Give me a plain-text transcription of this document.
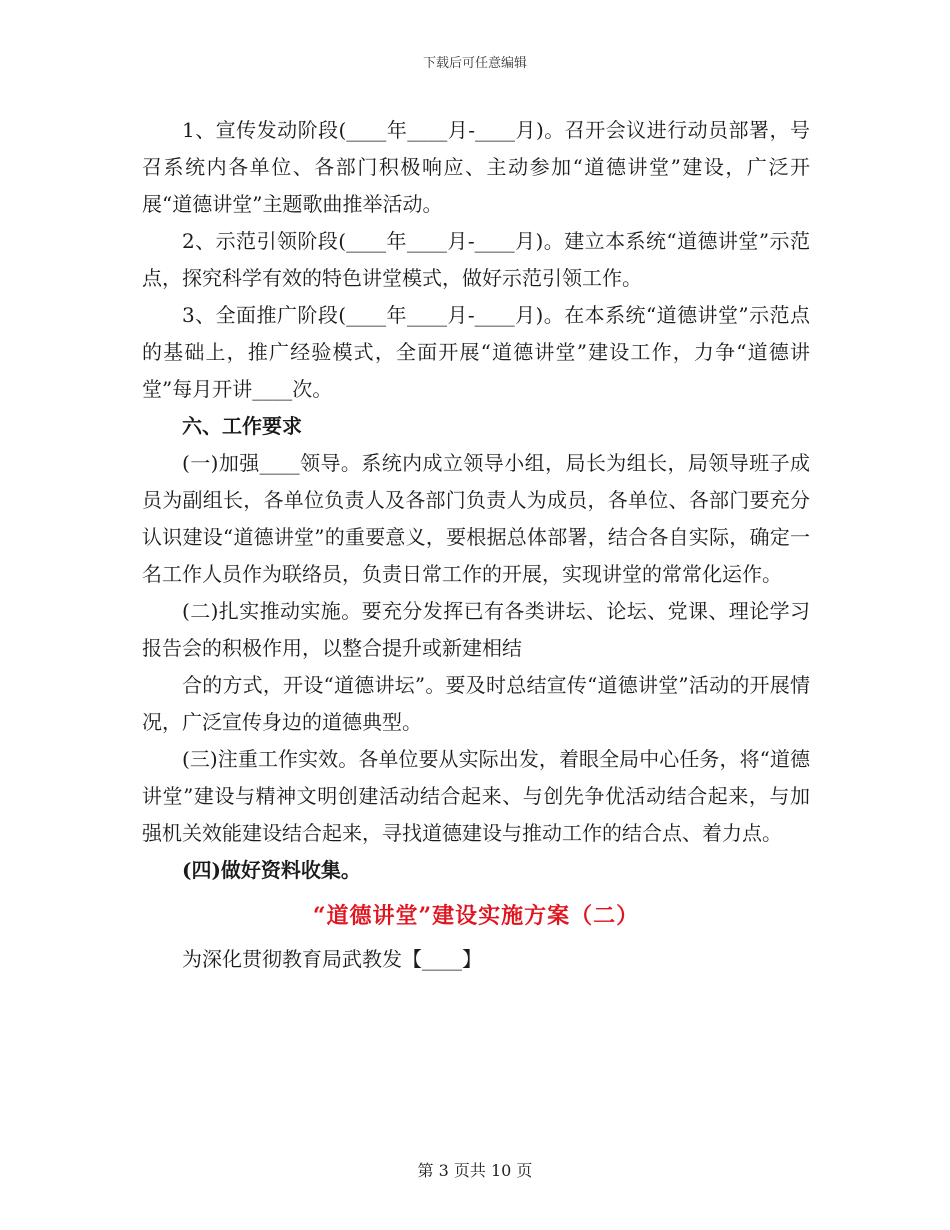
下载后可任意编辑

1、宣传发动阶段(____年____月-____月)。召开会议进行动员部署，号召系统内各单位、各部门积极响应、主动参加“道德讲堂”建设，广泛开展“道德讲堂”主题歌曲推举活动。

2、示范引领阶段(____年____月-____月)。建立本系统“道德讲堂”示范点，探究科学有效的特色讲堂模式，做好示范引领工作。

3、全面推广阶段(____年____月-____月)。在本系统“道德讲堂”示范点的基础上，推广经验模式，全面开展“道德讲堂”建设工作，力争“道德讲堂”每月开讲____次。

六、工作要求

(一)加强____领导。系统内成立领导小组，局长为组长，局领导班子成员为副组长，各单位负责人及各部门负责人为成员，各单位、各部门要充分认识建设“道德讲堂”的重要意义，要根据总体部署，结合各自实际，确定一名工作人员作为联络员，负责日常工作的开展，实现讲堂的常常化运作。

(二)扎实推动实施。要充分发挥已有各类讲坛、论坛、党课、理论学习报告会的积极作用，以整合提升或新建相结

合的方式，开设“道德讲坛”。要及时总结宣传“道德讲堂”活动的开展情况，广泛宣传身边的道德典型。

(三)注重工作实效。各单位要从实际出发，着眼全局中心任务，将“道德讲堂”建设与精神文明创建活动结合起来、与创先争优活动结合起来，与加强机关效能建设结合起来，寻找道德建设与推动工作的结合点、着力点。

(四)做好资料收集。

“道德讲堂”建设实施方案（二）

为深化贯彻教育局武教发【____】

第 3 页共 10 页
